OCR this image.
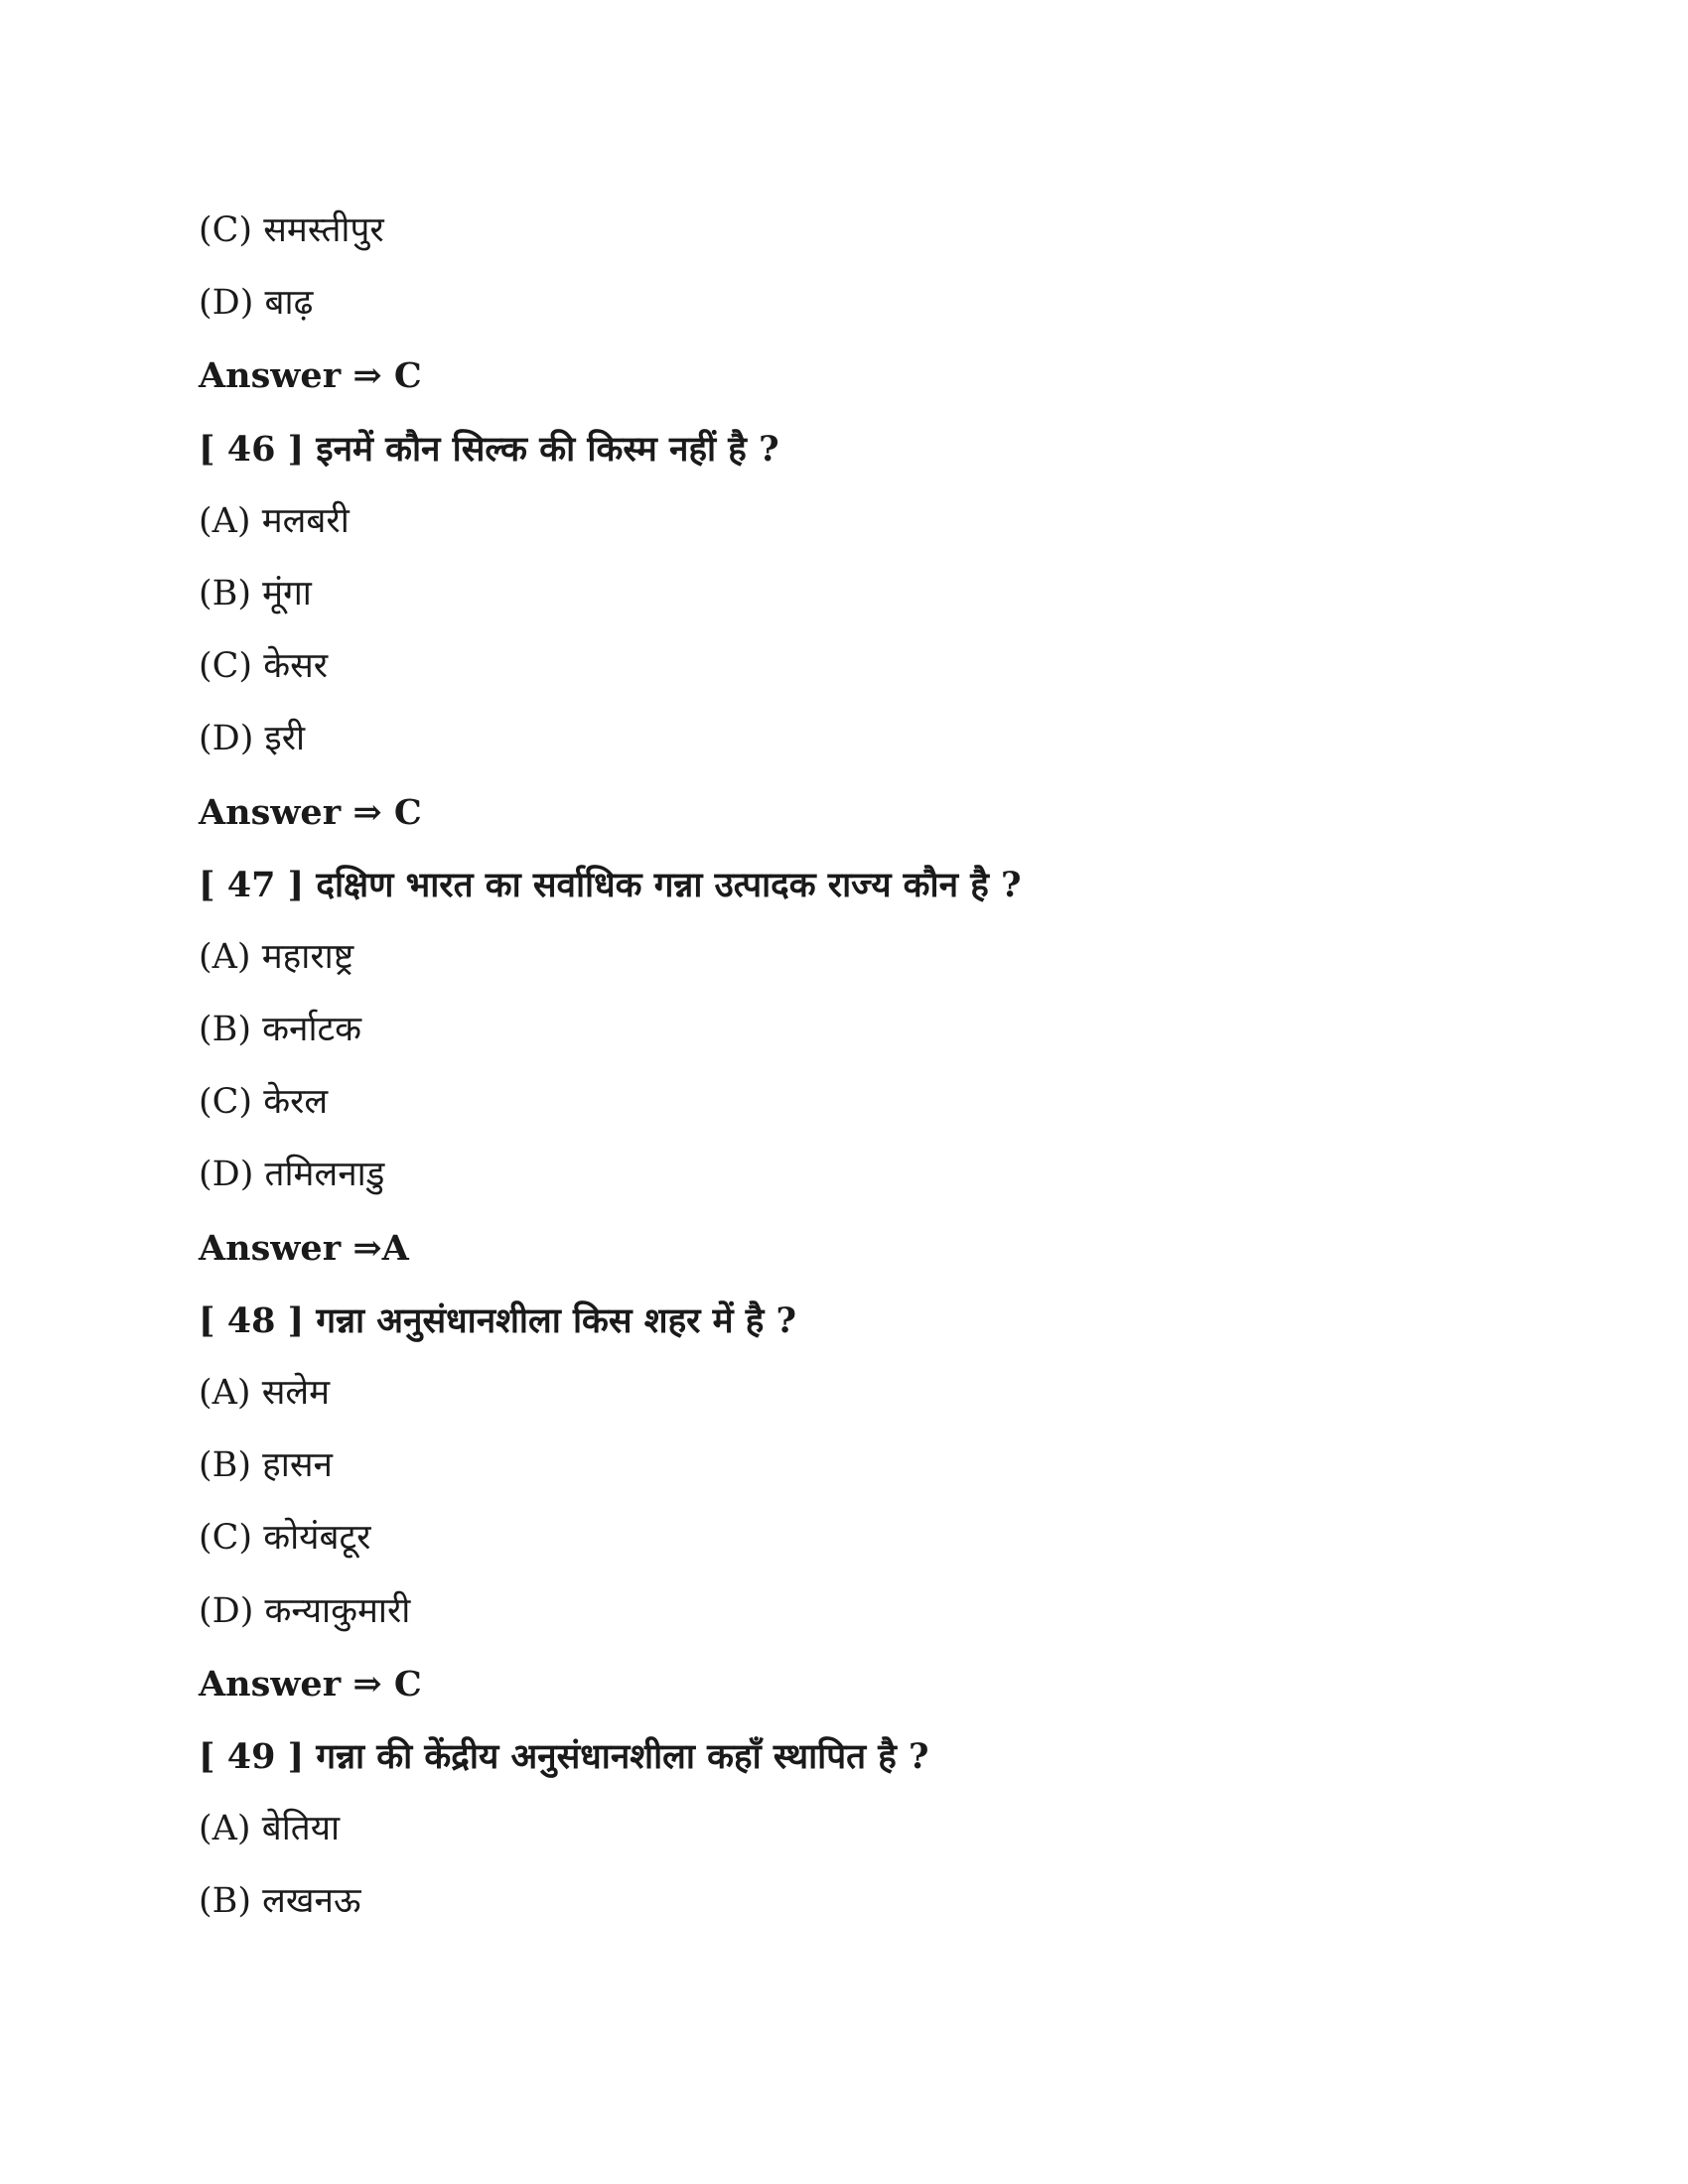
(C) समस्तीपुर
(D) बाढ़
Answer ⇒ C
[ 46 ] इनमें कौन सिल्क की किस्म नहीं है ?
(A) मलबरी
(B) मूंगा
(C) केसर
(D) इरी
Answer ⇒ C
[ 47 ] दक्षिण भारत का सर्वाधिक गन्ना उत्पादक राज्य कौन है ?
(A) महाराष्ट्र
(B) कर्नाटक
(C) केरल
(D) तमिलनाडु
Answer ⇒A
[ 48 ] गन्ना अनुसंधानशीला किस शहर में है ?
(A) सलेम
(B) हासन
(C) कोयंबटूर
(D) कन्याकुमारी
Answer ⇒ C
[ 49 ] गन्ना की केंद्रीय अनुसंधानशीला कहाँ स्थापित है ?
(A) बेतिया
(B) लखनऊ
